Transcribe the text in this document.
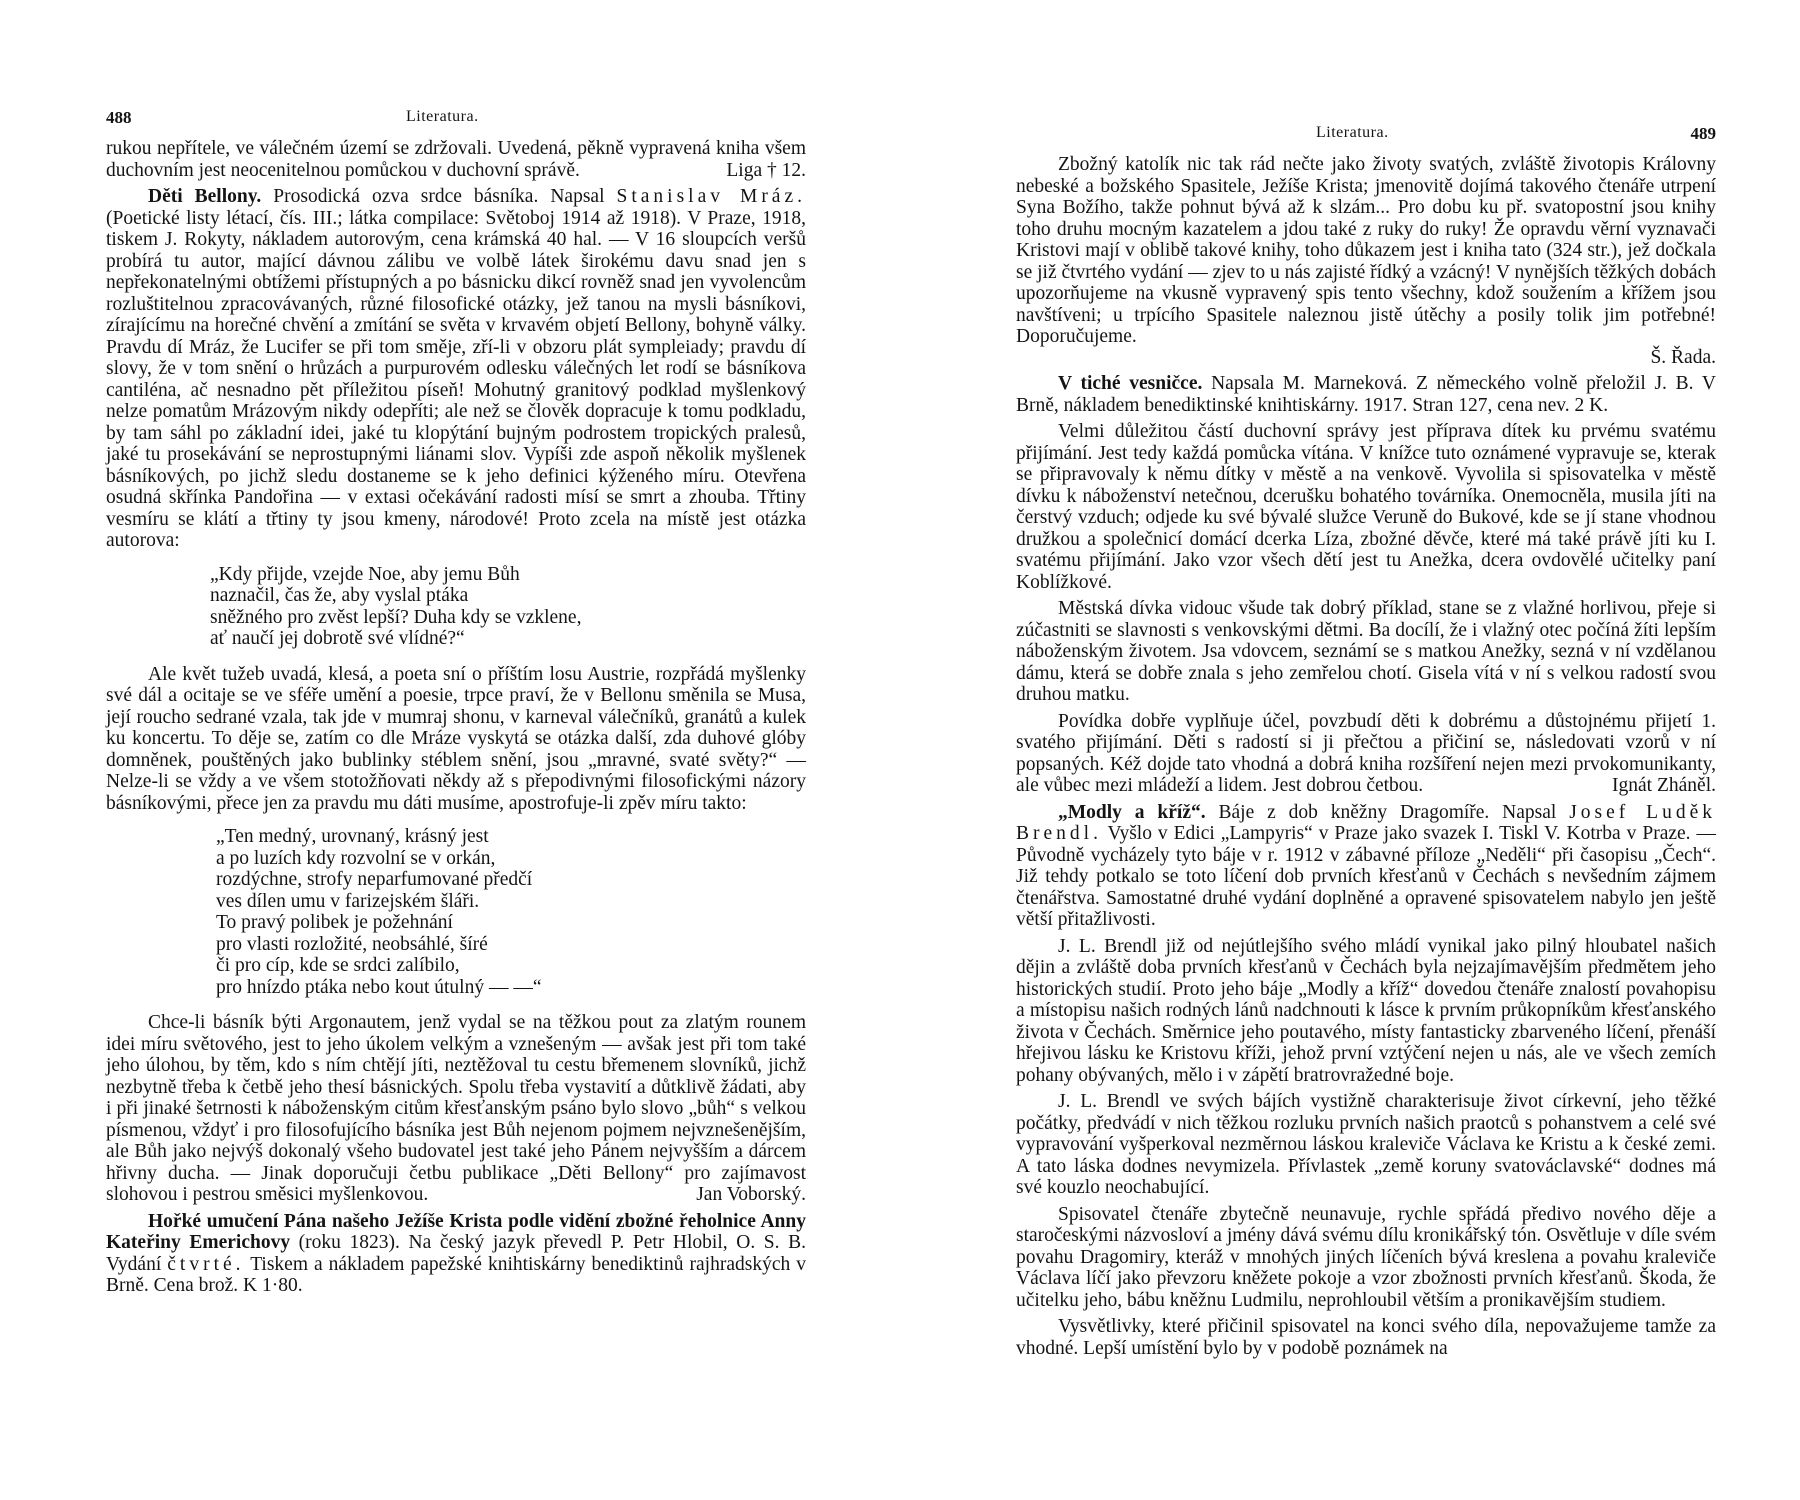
488	Literatura.

rukou nepřítele, ve válečném území se zdržovali. Uvedená, pěkně vypravená kniha všem duchovním jest neocenitelnou pomůckou v duchovní správě.	Liga † 12.

Děti Bellony. Prosodická ozva srdce básníka. Napsal Stanislav Mráz. (Poetické listy létací, čís. III.; látka compilace: Světoboj 1914 až 1918). V Praze, 1918, tiskem J. Rokyty, nákladem autorovým, cena krámská 40 hal. — V 16 sloupcích veršů probírá tu autor, mající dávnou zálibu ve volbě látek širokému davu snad jen s nepřekonatelnými obtížemi přístupných a po básnicku dikcí rovněž snad jen vyvolencům rozluštitelnou zpracovávaných, různé filosofické otázky, jež tanou na mysli básníkovi, zírajícímu na horečné chvění a zmítání se světa v krvavém objetí Bellony, bohyně války. Pravdu dí Mráz, že Lucifer se při tom směje, zří-li v obzoru plát sympleiady; pravdu dí slovy, že v tom snění o hrůzách a purpurovém odlesku válečných let rodí se básníkova cantiléna, ač nesnadno pět příležitou píseň! Mohutný granitový podklad myšlenkový nelze pomatům Mrázovým nikdy odepříti; ale než se člověk dopracuje k tomu podkladu, by tam sáhl po základní idei, jaké tu klopýtání bujným podrostem tropických pralesů, jaké tu prosekávání se neprostupnými liánami slov. Vypíši zde aspoň několik myšlenek básníkových, po jichž sledu dostaneme se k jeho definici kýženého míru. Otevřena osudná skřínka Pandořina — v extasi očekávání radosti mísí se smrt a zhouba. Třtiny vesmíru se klátí a třtiny ty jsou kmeny, národové! Proto zcela na místě jest otázka autorova:

„Kdy přijde, vzejde Noe, aby jemu Bůh
naznačil, čas že, aby vyslal ptáka
sněžného pro zvěst lepší? Duha kdy se vzklene,
ať naučí jej dobrotě své vlídné?“

Ale květ tužeb uvadá, klesá, a poeta sní o příštím losu Austrie, rozpřádá myšlenky své dál a ocitaje se ve sféře umění a poesie, trpce praví, že v Bellonu směnila se Musa, její roucho sedrané vzala, tak jde v mumraj shonu, v karneval válečníků, granátů a kulek ku koncertu. To děje se, zatím co dle Mráze vyskytá se otázka další, zda duhové glóby domněnek, pouštěných jako bublinky stéblem snění, jsou „mravné, svaté světy?“ — Nelze-li se vždy a ve všem stotožňovati někdy až s přepodivnými filosofickými názory básníkovými, přece jen za pravdu mu dáti musíme, apostrofuje-li zpěv míru takto:

„Ten medný, urovnaný, krásný jest
a po luzích kdy rozvolní se v orkán,
rozdýchne, strofy neparfumované předčí
ves dílen umu v farizejském šláři.
To pravý polibek je požehnání
pro vlasti rozložité, neobsáhlé, šíré
či pro cíp, kde se srdci zalíbilo,
pro hnízdo ptáka nebo kout útulný — —“

Chce-li básník býti Argonautem, jenž vydal se na těžkou pout za zlatým rounem idei míru světového, jest to jeho úkolem velkým a vznešeným — avšak jest při tom také jeho úlohou, by těm, kdo s ním chtějí jíti, neztěžoval tu cestu břemenem slovníků, jichž nezbytně třeba k četbě jeho thesí básnických. Spolu třeba vystavití a důtklivě žádati, aby i při jinaké šetrnosti k náboženským citům křesťanským psáno bylo slovo „bůh“ s velkou písmenou, vždyť i pro filosofujícího básníka jest Bůh nejenom pojmem nejvznešenějším, ale Bůh jako nejvýš dokonalý všeho budovatel jest také jeho Pánem nejvyšším a dárcem hřivny ducha. — Jinak doporučuji četbu publikace „Děti Bellony“ pro zajímavost slohovou i pestrou směsici myšlenkovou.	Jan Voborský.

Hořké umučení Pána našeho Ježíše Krista podle vidění zbožné řeholnice Anny Kateřiny Emerichovy (roku 1823). Na český jazyk převedl P. Petr Hlobil, O. S. B. Vydání čtvrté. Tiskem a nákladem papežské knihtiskárny benediktinů rajhradských v Brně. Cena brož. K 1·80.

Literatura.	489

Zbožný katolík nic tak rád nečte jako životy svatých, zvláště životopis Královny nebeské a božského Spasitele, Ježíše Krista; jmenovitě dojímá takového čtenáře utrpení Syna Božího, takže pohnut bývá až k slzám... Pro dobu ku př. svatopostní jsou knihy toho druhu mocným kazatelem a jdou také z ruky do ruky! Že opravdu věrní vyznavači Kristovi mají v oblibě takové knihy, toho důkazem jest i kniha tato (324 str.), jež dočkala se již čtvrtého vydání — zjev to u nás zajisté řídký a vzácný! V nynějších těžkých dobách upozorňujeme na vkusně vypravený spis tento všechny, kdož soužením a křížem jsou navštíveni; u trpícího Spasitele naleznou jistě útěchy a posily tolik jim potřebné! Doporučujeme.
Š. Řada.

V tiché vesničce. Napsala M. Marneková. Z německého volně přeložil J. B. V Brně, nákladem benediktinské knihtiskárny. 1917. Stran 127, cena nev. 2 K.

Velmi důležitou částí duchovní správy jest příprava dítek ku prvému svatému přijímání. Jest tedy každá pomůcka vítána. V knížce tuto oznámené vypravuje se, kterak se připravovaly k němu dítky v městě a na venkově. Vyvolila si spisovatelka v městě dívku k náboženství netečnou, dcerušku bohatého továrníka. Onemocněla, musila jíti na čerstvý vzduch; odjede ku své bývalé služce Veruně do Bukové, kde se jí stane vhodnou družkou a společnicí domácí dcerka Líza, zbožné děvče, které má také právě jíti ku I. svatému přijímání. Jako vzor všech dětí jest tu Anežka, dcera ovdovělé učitelky paní Koblížkové.

Městská dívka vidouc všude tak dobrý příklad, stane se z vlažné horlivou, přeje si zúčastniti se slavnosti s venkovskými dětmi. Ba docílí, že i vlažný otec počíná žíti lepším náboženským životem. Jsa vdovcem, seznámí se s matkou Anežky, sezná v ní vzdělanou dámu, která se dobře znala s jeho zemřelou chotí. Gisela vítá v ní s velkou radostí svou druhou matku.

Povídka dobře vyplňuje účel, povzbudí děti k dobrému a důstojnému přijetí 1. svatého přijímání. Děti s radostí si ji přečtou a přičiní se, následovati vzorů v ní popsaných. Kéž dojde tato vhodná a dobrá kniha rozšíření nejen mezi prvokomunikanty, ale vůbec mezi mládeží a lidem. Jest dobrou četbou.	Ignát Zháněl.

„Modly a kříž“. Báje z dob kněžny Dragomíře. Napsal Josef Luděk Brendl. Vyšlo v Edici „Lampyris“ v Praze jako svazek I. Tiskl V. Kotrba v Praze. — Původně vycházely tyto báje v r. 1912 v zábavné příloze „Neděli“ při časopisu „Čech“. Již tehdy potkalo se toto líčení dob prvních křesťanů v Čechách s nevšedním zájmem čtenářstva. Samostatné druhé vydání doplněné a opravené spisovatelem nabylo jen ještě větší přitažlivosti.

J. L. Brendl již od nejútlejšího svého mládí vynikal jako pilný hloubatel našich dějin a zvláště doba prvních křesťanů v Čechách byla nejzajímavějším předmětem jeho historických studií. Proto jeho báje „Modly a kříž“ dovedou čtenáře znalostí povahopisu a místopisu našich rodných lánů nadchnouti k lásce k prvním průkopníkům křesťanského života v Čechách. Směrnice jeho poutavého, místy fantasticky zbarveného líčení, přenáší hřejivou lásku ke Kristovu kříži, jehož první vztýčení nejen u nás, ale ve všech zemích pohany obývaných, mělo i v zápětí bratrovražedné boje.

J. L. Brendl ve svých bájích vystižně charakterisuje život církevní, jeho těžké počátky, předvádí v nich těžkou rozluku prvních našich praotců s pohanstvem a celé své vypravování vyšperkoval nezměrnou láskou kraleviče Václava ke Kristu a k české zemi. A tato láska dodnes nevymizela. Přívlastek „země koruny svatováclavské“ dodnes má své kouzlo neochabující.

Spisovatel čtenáře zbytečně neunavuje, rychle spřádá předivo nového děje a staročeskými názvosloví a jmény dává svému dílu kronikářský tón. Osvětluje v díle svém povahu Dragomiry, kteráž v mnohých jiných líčeních bývá kreslena a povahu kraleviče Václava líčí jako převzoru kněžete pokoje a vzor zbožnosti prvních křesťanů. Škoda, že učitelku jeho, bábu kněžnu Ludmilu, neprohloubil větším a pronikavějším studiem.

Vysvětlivky, které přičinil spisovatel na konci svého díla, nepovažujeme tamže za vhodné. Lepší umístění bylo by v podobě poznámek na
